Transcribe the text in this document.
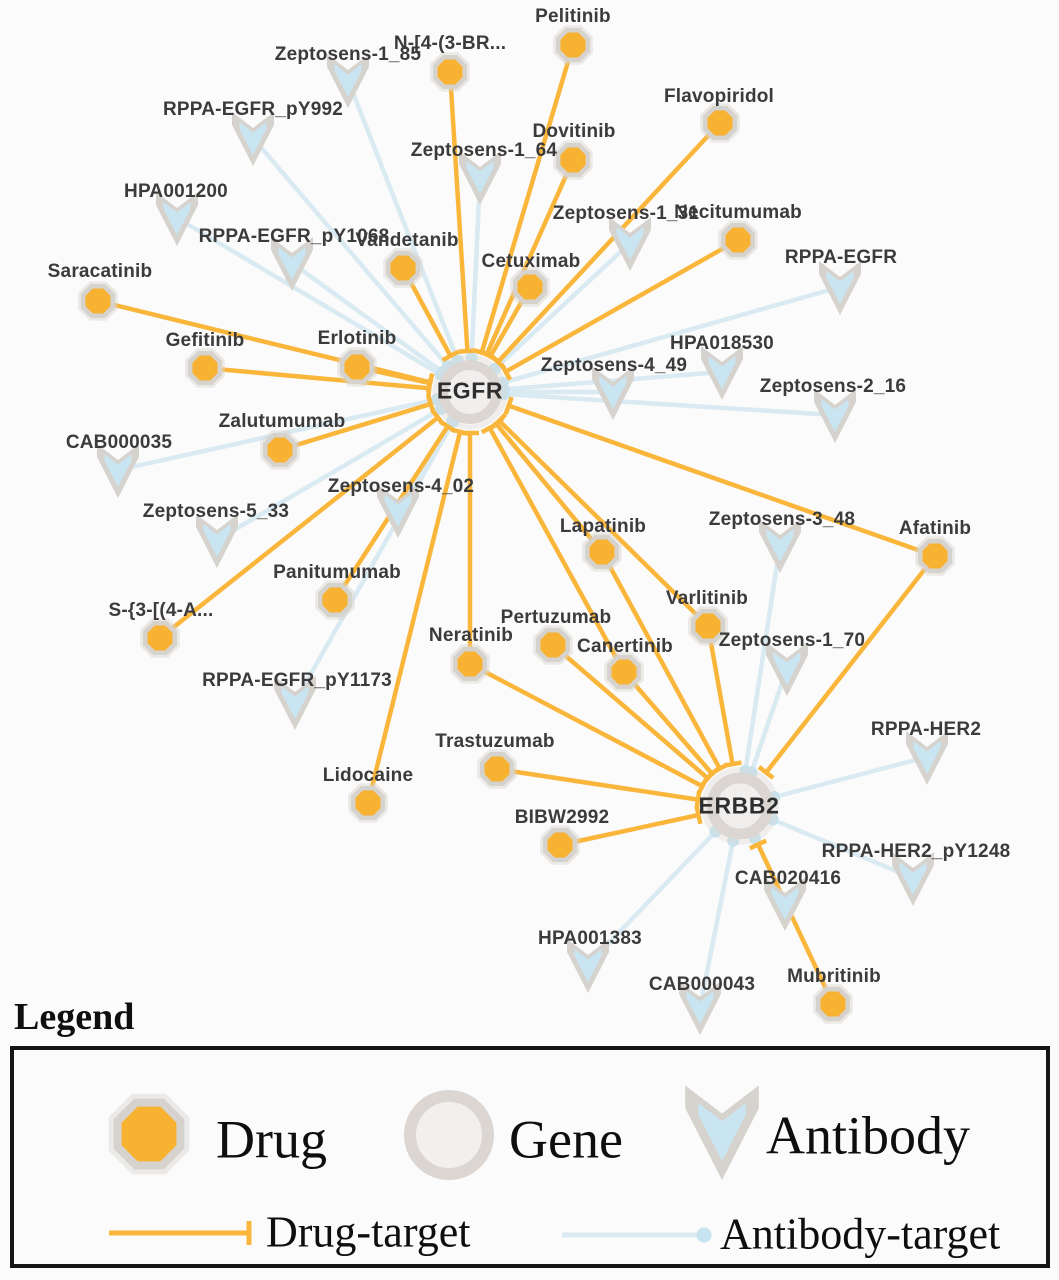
Zeptosens-1_85
RPPA-EGFR_pY992
HPA001200
RPPA-EGFR_pY1068
Zeptosens-1_64
Zeptosens-1_31
RPPA-EGFR
HPA018530
Zeptosens-4_49
Zeptosens-2_16
CAB000035
Zeptosens-5_33
Zeptosens-4_02
Zeptosens-3_48
Zeptosens-1_70
RPPA-EGFR_pY1173
RPPA-HER2
RPPA-HER2_pY1248
CAB020416
HPA001383
CAB000043
Pelitinib
N-[4-(3-BR...
Dovitinib
Flavopiridol
Necitumumab
Vandetanib
Cetuximab
Saracatinib
Gefitinib	Erlotinib
Zalutumumab
Panitumumab
S-{3-[(4-A...
Lapatinib
Varlitinib
Afatinib
Neratinib
Pertuzumab
Canertinib
Trastuzumab
Lidocaine
BIBW2992
Mubritinib
EGFR
ERBB2
Legend
Drug	Gene	Antibody
Drug-target	Antibody-target
